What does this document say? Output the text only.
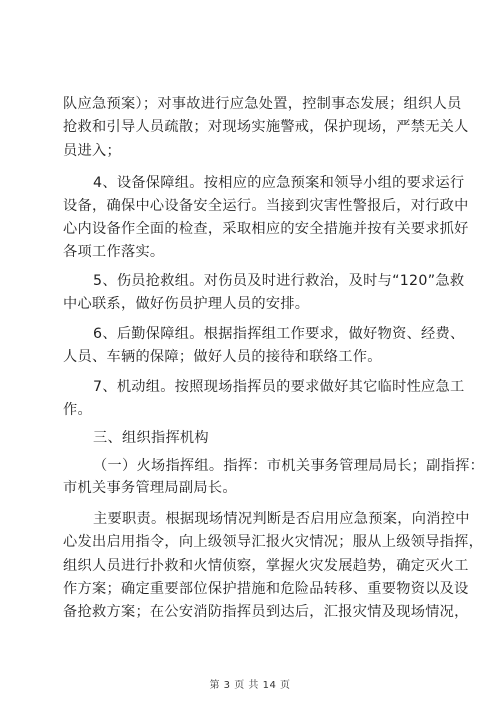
队应急预案）；对事故进行应急处置，控制事态发展；组织人员
抢救和引导人员疏散；对现场实施警戒，保护现场，严禁无关人
员进入；
4、设备保障组。按相应的应急预案和领导小组的要求运行
设备，确保中心设备安全运行。当接到灾害性警报后，对行政中
心内设备作全面的检查，采取相应的安全措施并按有关要求抓好
各项工作落实。
5、伤员抢救组。对伤员及时进行救治，及时与“120”急救
中心联系，做好伤员护理人员的安排。
6、后勤保障组。根据指挥组工作要求，做好物资、经费、
人员、车辆的保障；做好人员的接待和联络工作。
7、机动组。按照现场指挥员的要求做好其它临时性应急工
作。
三、组织指挥机构
（一）火场指挥组。指挥：市机关事务管理局局长；副指挥：
市机关事务管理局副局长。
主要职责。根据现场情况判断是否启用应急预案，向消控中
心发出启用指令，向上级领导汇报火灾情况；服从上级领导指挥，
组织人员进行扑救和火情侦察，掌握火灾发展趋势，确定灭火工
作方案；确定重要部位保护措施和危险品转移、重要物资以及设
备抢救方案；在公安消防指挥员到达后，汇报灾情及现场情况，
第 3 页 共 14 页
